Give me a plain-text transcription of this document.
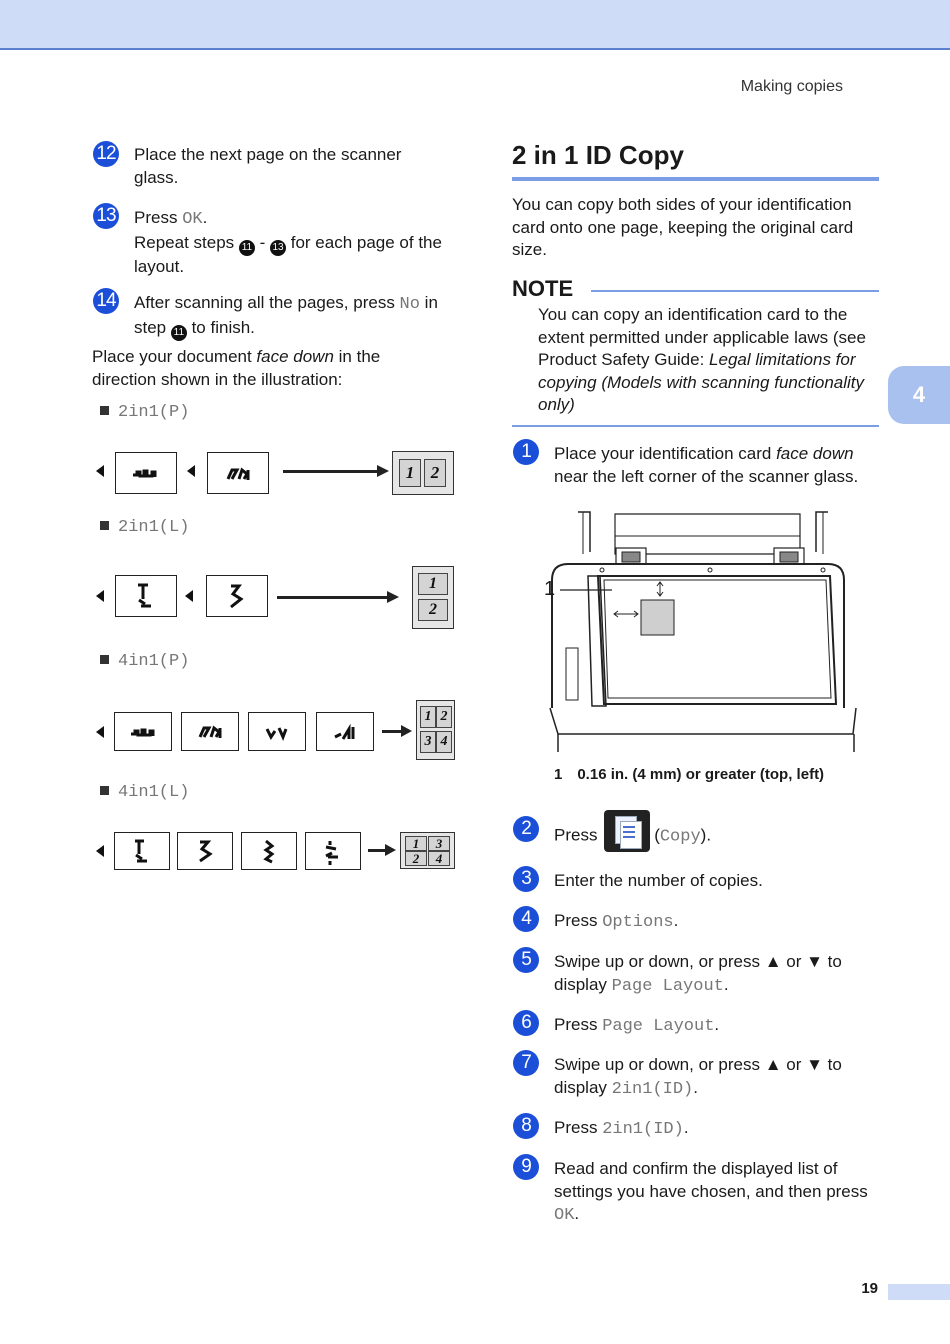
Making copies
4
19
12 Place the next page on the scanner glass.
13 Press OK.
Repeat steps 11 - 13 for each page of the layout.
14 After scanning all the pages, press No in step 11 to finish.
Place your document face down in the direction shown in the illustration:
2in1(P)
2in1(L)
4in1(P)
4in1(L)
1 2
1
2
1 2
3 4
1	3
2	4
2 in 1 ID Copy
You can copy both sides of your identification card onto one page, keeping the original card size.
NOTE
You can copy an identification card to the extent permitted under applicable laws (see Product Safety Guide: Legal limitations for copying (Models with scanning functionality only)
1	Place your identification card face down near the left corner of the scanner glass.
1
1 0.16 in. (4 mm) or greater (top, left)
2	Press	(Copy).
3	Enter the number of copies.
4	Press Options.
5	Swipe up or down, or press ▲ or ▼ to display Page Layout.
6	Press Page Layout.
7	Swipe up or down, or press ▲ or ▼ to display 2in1(ID).
8	Press 2in1(ID).
9	Read and confirm the displayed list of settings you have chosen, and then press OK.
